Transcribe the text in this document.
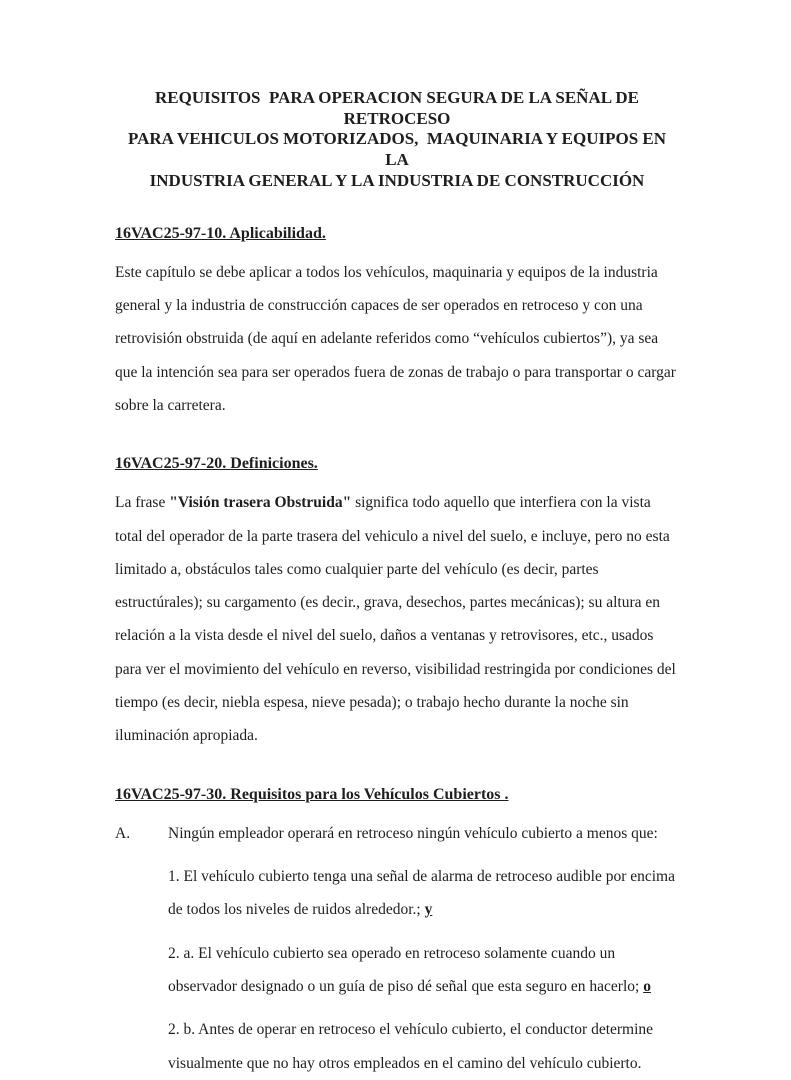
REQUISITOS  PARA OPERACION SEGURA DE LA SEÑAL DE RETROCESO
PARA VEHICULOS MOTORIZADOS,  MAQUINARIA Y EQUIPOS EN LA
INDUSTRIA GENERAL Y LA INDUSTRIA DE CONSTRUCCIÓN
16VAC25-97-10. Aplicabilidad.

Este capítulo se debe aplicar a todos los vehículos, maquinaria y equipos de la industria general y la industria de construcción capaces de ser operados en retroceso y con una retrovisión obstruida (de aquí en adelante referidos como “vehículos cubiertos”), ya sea que la intención sea para ser operados fuera de zonas de trabajo o para transportar o cargar sobre la carretera.

16VAC25-97-20. Definiciones.

La frase "Visión trasera Obstruida" significa todo aquello que interfiera con la vista total del operador de la parte trasera del vehiculo a nivel del suelo, e incluye, pero no esta limitado a, obstáculos tales como cualquier parte del vehículo (es decir, partes estructúrales); su cargamento (es decir., grava, desechos, partes mecánicas); su altura en relación a la vista desde el nivel del suelo, daños a ventanas y retrovisores, etc., usados para ver el movimiento del vehículo en reverso, visibilidad restringida por condiciones del tiempo (es decir, niebla espesa, nieve pesada); o trabajo hecho durante la noche sin iluminación apropiada.

16VAC25-97-30. Requisitos para los Vehículos Cubiertos .
A.	Ningún empleador operará en retroceso ningún vehículo cubierto a menos que:

1. El vehículo cubierto tenga una señal de alarma de retroceso audible por encima de todos los niveles de ruidos alrededor.; y

2. a. El vehículo cubierto sea operado en retroceso solamente cuando un observador designado o un guía de piso dé señal que esta seguro en hacerlo; o

2. b. Antes de operar en retroceso el vehículo cubierto, el conductor determine visualmente que no hay otros empleados en el camino del vehículo cubierto.
